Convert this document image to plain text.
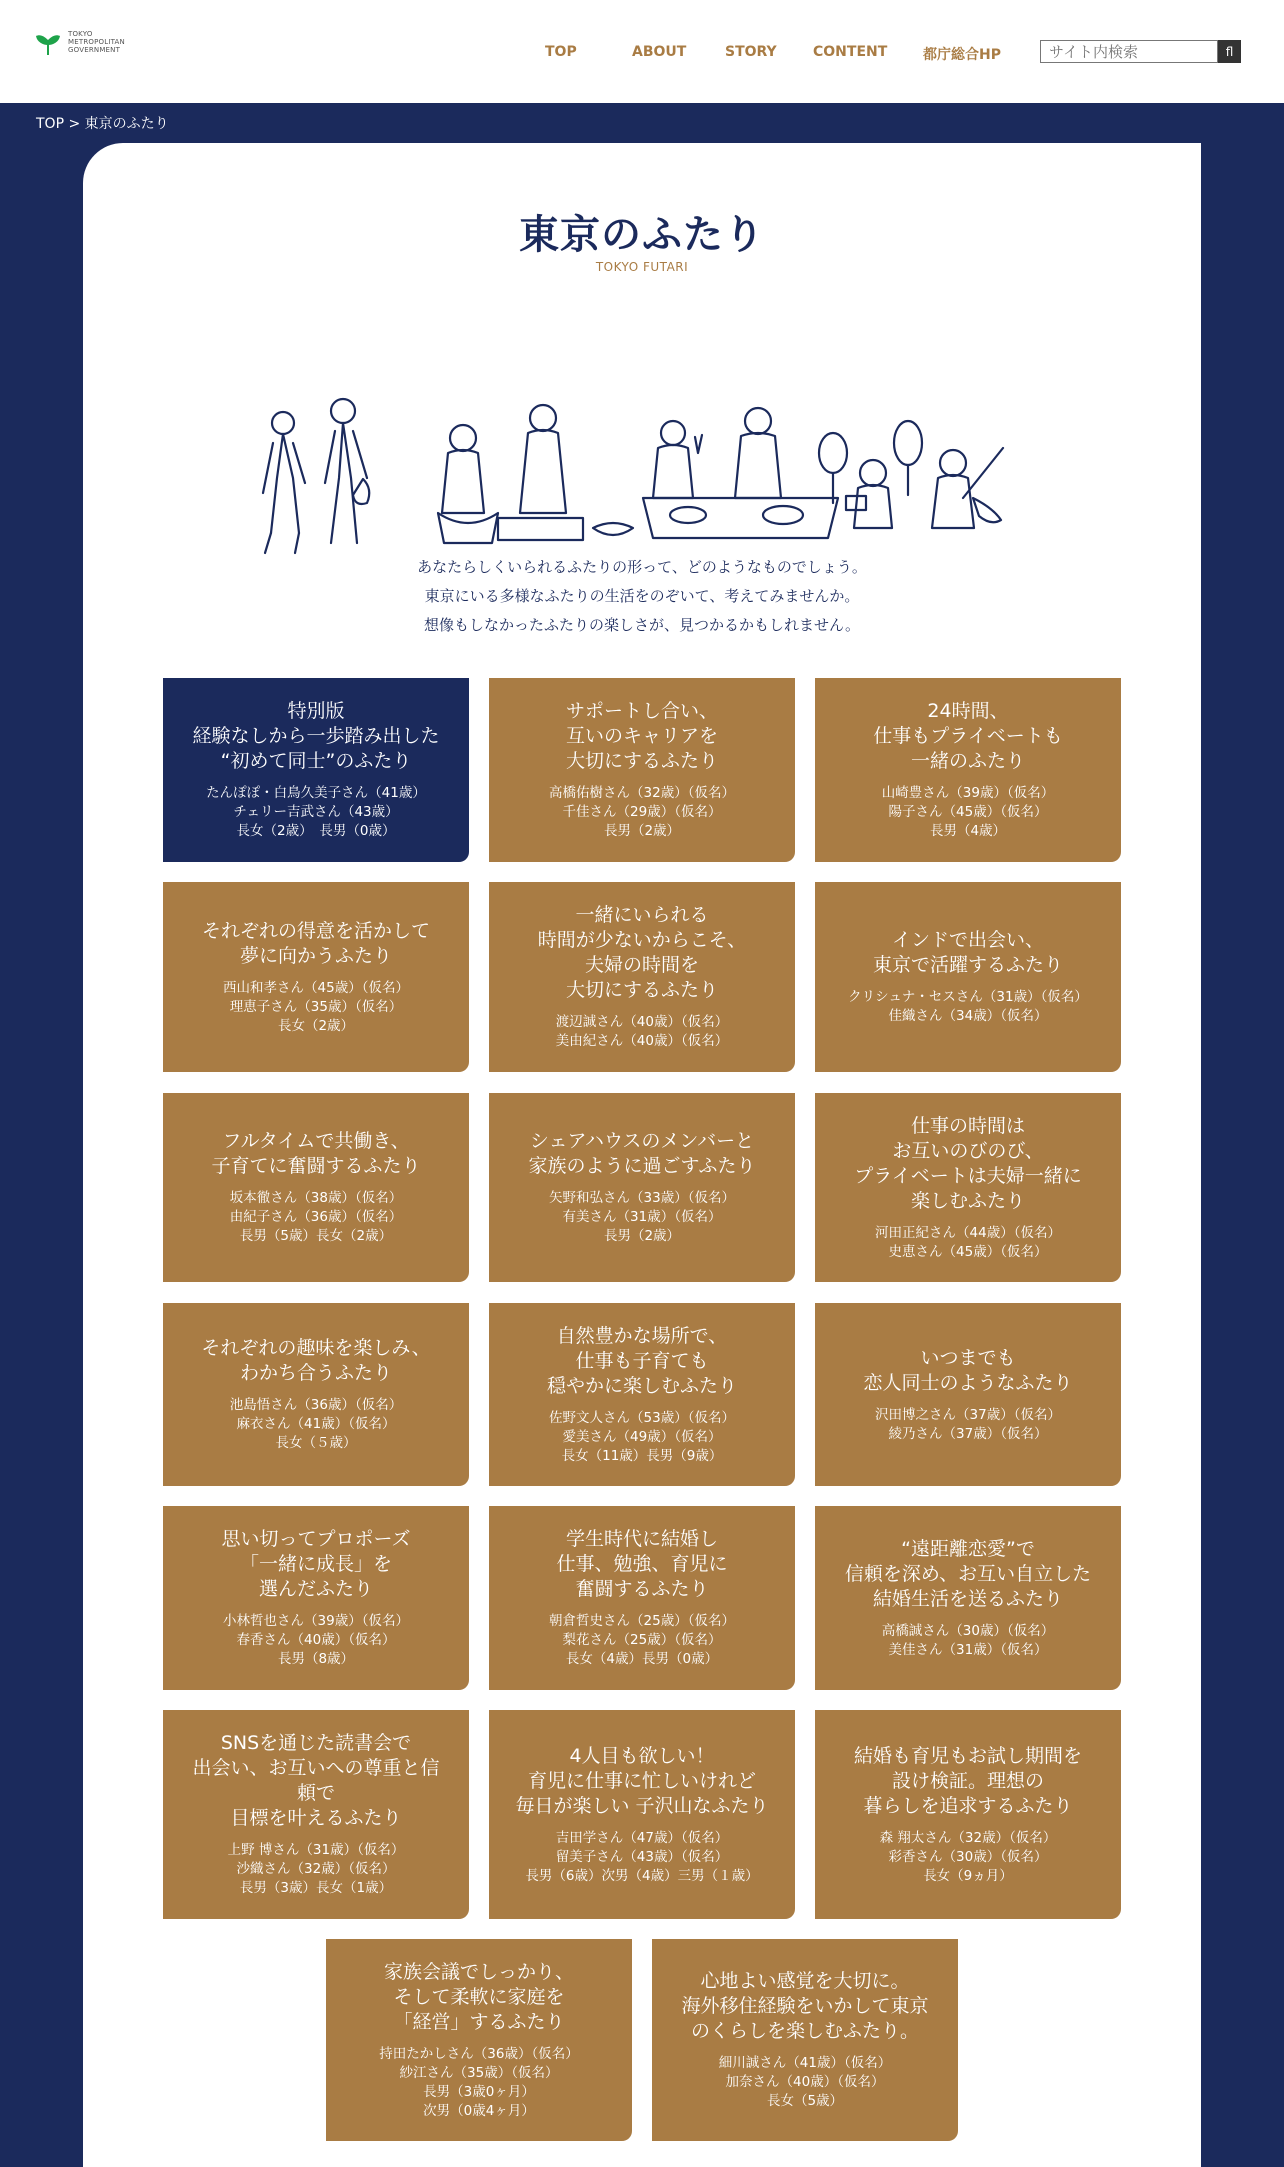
TOKYO
METROPOLITAN
GOVERNMENT	TOP	ABOUT	STORY	CONTENT	都庁総合HP
サイト内検索	fl
TOP > 東京のふたり
東京のふたり
TOKYO FUTARI
あなたらしくいられるふたりの形って、どのようなものでしょう。
東京にいる多様なふたりの生活をのぞいて、考えてみませんか。
想像もしなかったふたりの楽しさが、見つかるかもしれません。
特別版
経験なしから一歩踏み出した
“初めて同士”のふたり
たんぽぽ・白鳥久美子さん（41歳）
チェリー吉武さん（43歳）
長女（2歳）　長男（0歳）
サポートし合い、
互いのキャリアを
大切にするふたり
高橋佑樹さん（32歳）（仮名）
千佳さん（29歳）（仮名）
長男（2歳）
24時間、
仕事もプライベートも
一緒のふたり
山崎豊さん（39歳）（仮名）
陽子さん（45歳）（仮名）
長男（4歳）
それぞれの得意を活かして
夢に向かうふたり
西山和孝さん（45歳）（仮名）
理恵子さん（35歳）（仮名）
長女（2歳）
一緒にいられる
時間が少ないからこそ、
夫婦の時間を
大切にするふたり
渡辺誠さん（40歳）（仮名）
美由紀さん（40歳）（仮名）
インドで出会い、
東京で活躍するふたり
クリシュナ・セスさん（31歳）（仮名）
佳織さん（34歳）（仮名）
フルタイムで共働き、
子育てに奮闘するふたり
坂本徹さん（38歳）（仮名）
由紀子さん（36歳）（仮名）
長男（5歳）長女（2歳）
シェアハウスのメンバーと
家族のように過ごすふたり
矢野和弘さん（33歳）（仮名）
有美さん（31歳）（仮名）
長男（2歳）
仕事の時間は
お互いのびのび、
プライベートは夫婦一緒に
楽しむふたり
河田正紀さん（44歳）（仮名）
史恵さん（45歳）（仮名）
それぞれの趣味を楽しみ、
わかち合うふたり
池島悟さん（36歳）（仮名）
麻衣さん（41歳）（仮名）
長女（５歳）
自然豊かな場所で、
仕事も子育ても
穏やかに楽しむふたり
佐野文人さん（53歳）（仮名）
愛美さん（49歳）（仮名）
長女（11歳）長男（9歳）
いつまでも
恋人同士のようなふたり
沢田博之さん（37歳）（仮名）
綾乃さん（37歳）（仮名）
思い切ってプロポーズ
「一緒に成長」を
選んだふたり
小林哲也さん（39歳）（仮名）
春香さん（40歳）（仮名）
長男（8歳）
学生時代に結婚し
仕事、勉強、育児に
奮闘するふたり
朝倉哲史さん（25歳）（仮名）
梨花さん（25歳）（仮名）
長女（4歳）長男（0歳）
“遠距離恋愛”で
信頼を深め、お互い自立した
結婚生活を送るふたり
高橋誠さん（30歳）（仮名）
美佳さん（31歳）（仮名）
SNSを通じた読書会で
出会い、お互いへの尊重と信
頼で
目標を叶えるふたり
上野 博さん（31歳）（仮名）
沙織さん（32歳）（仮名）
長男（3歳）長女（1歳）
4人目も欲しい！
育児に仕事に忙しいけれど
毎日が楽しい 子沢山なふたり
吉田学さん（47歳）（仮名）
留美子さん（43歳）（仮名）
長男（6歳）次男（4歳）三男（１歳）
結婚も育児もお試し期間を
設け検証。理想の
暮らしを追求するふたり
森 翔太さん（32歳）（仮名）
彩香さん（30歳）（仮名）
長女（9ヵ月）
家族会議でしっかり、
そして柔軟に家庭を
「経営」するふたり
持田たかしさん（36歳）（仮名）
紗江さん（35歳）（仮名）
長男（3歳0ヶ月）
次男（0歳4ヶ月）
心地よい感覚を大切に。
海外移住経験をいかして東京
のくらしを楽しむふたり。
細川誠さん（41歳）（仮名）
加奈さん（40歳）（仮名）
長女（5歳）
